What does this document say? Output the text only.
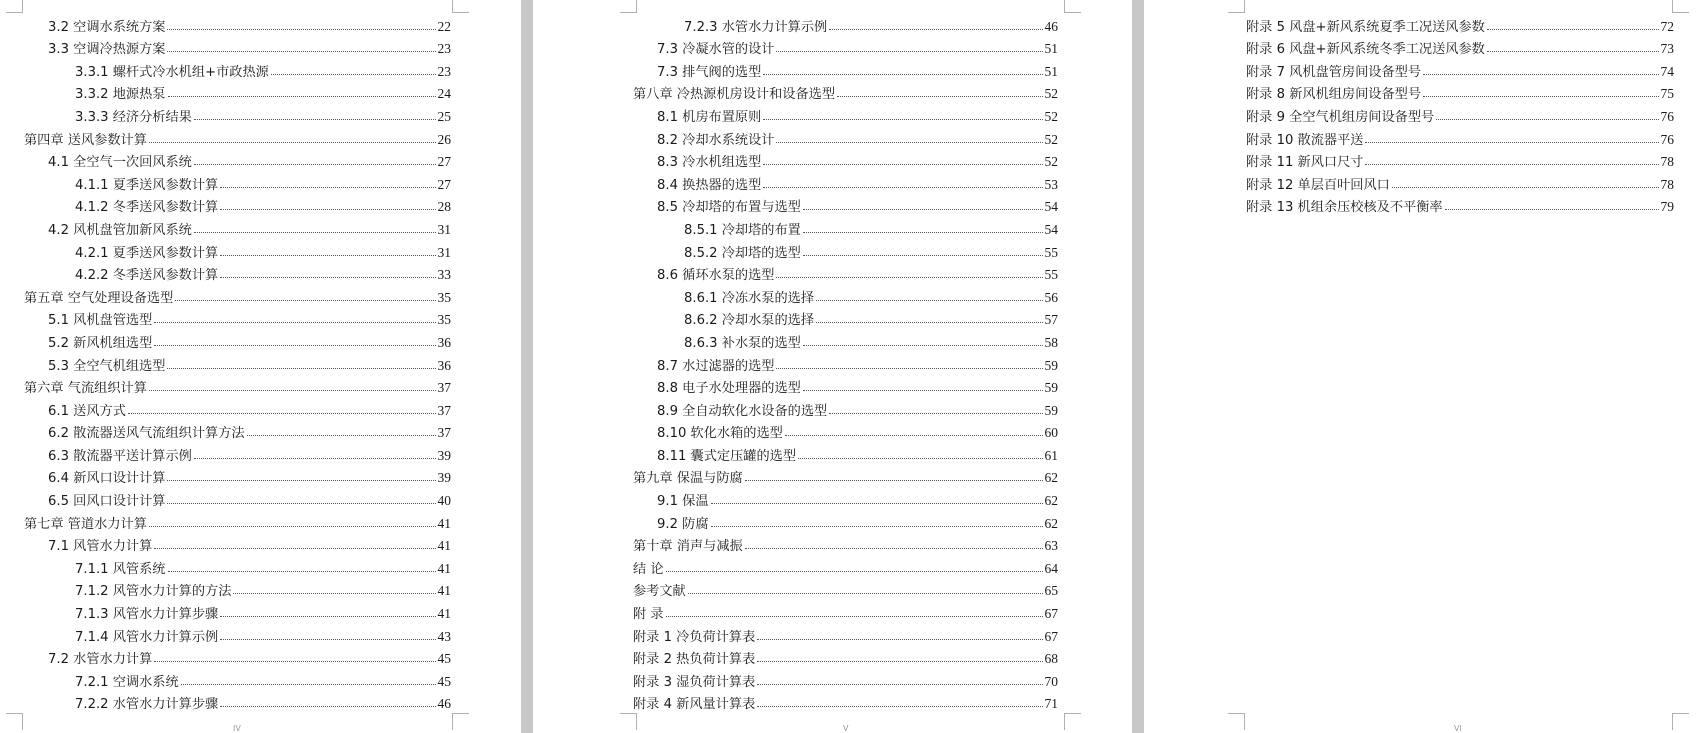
3.2 空调水系统方案	22
3.3 空调冷热源方案	23
3.3.1 螺杆式冷水机组+市政热源	23
3.3.2 地源热泵	24
3.3.3 经济分析结果	25
第四章 送风参数计算	26
4.1 全空气一次回风系统	27
4.1.1 夏季送风参数计算	27
4.1.2 冬季送风参数计算	28
4.2 风机盘管加新风系统	31
4.2.1 夏季送风参数计算	31
4.2.2 冬季送风参数计算	33
第五章 空气处理设备选型	35
5.1 风机盘管选型	35
5.2 新风机组选型	36
5.3 全空气机组选型	36
第六章 气流组织计算	37
6.1 送风方式	37
6.2 散流器送风气流组织计算方法	37
6.3 散流器平送计算示例	39
6.4 新风口设计计算	39
6.5 回风口设计计算	40
第七章 管道水力计算	41
7.1 风管水力计算	41
7.1.1 风管系统	41
7.1.2 风管水力计算的方法	41
7.1.3 风管水力计算步骤	41
7.1.4 风管水力计算示例	43
7.2 水管水力计算	45
7.2.1 空调水系统	45
7.2.2 水管水力计算步骤	46
IV
7.2.3 水管水力计算示例	46
7.3 冷凝水管的设计	51
7.3 排气阀的选型	51
第八章 冷热源机房设计和设备选型	52
8.1 机房布置原则	52
8.2 冷却水系统设计	52
8.3 冷水机组选型	52
8.4 换热器的选型	53
8.5 冷却塔的布置与选型	54
8.5.1 冷却塔的布置	54
8.5.2 冷却塔的选型	55
8.6 循环水泵的选型	55
8.6.1 冷冻水泵的选择	56
8.6.2 冷却水泵的选择	57
8.6.3 补水泵的选型	58
8.7 水过滤器的选型	59
8.8 电子水处理器的选型	59
8.9 全自动软化水设备的选型	59
8.10 软化水箱的选型	60
8.11 囊式定压罐的选型	61
第九章 保温与防腐	62
9.1 保温	62
9.2 防腐	62
第十章 消声与减振	63
结 论	64
参考文献	65
附 录	67
附录 1 冷负荷计算表	67
附录 2 热负荷计算表	68
附录 3 湿负荷计算表	70
附录 4 新风量计算表	71
V
附录 5 风盘+新风系统夏季工况送风参数	72
附录 6 风盘+新风系统冬季工况送风参数	73
附录 7 风机盘管房间设备型号	74
附录 8 新风机组房间设备型号	75
附录 9 全空气机组房间设备型号	76
附录 10 散流器平送	76
附录 11 新风口尺寸	78
附录 12 单层百叶回风口	78
附录 13 机组余压校核及不平衡率	79
VI
